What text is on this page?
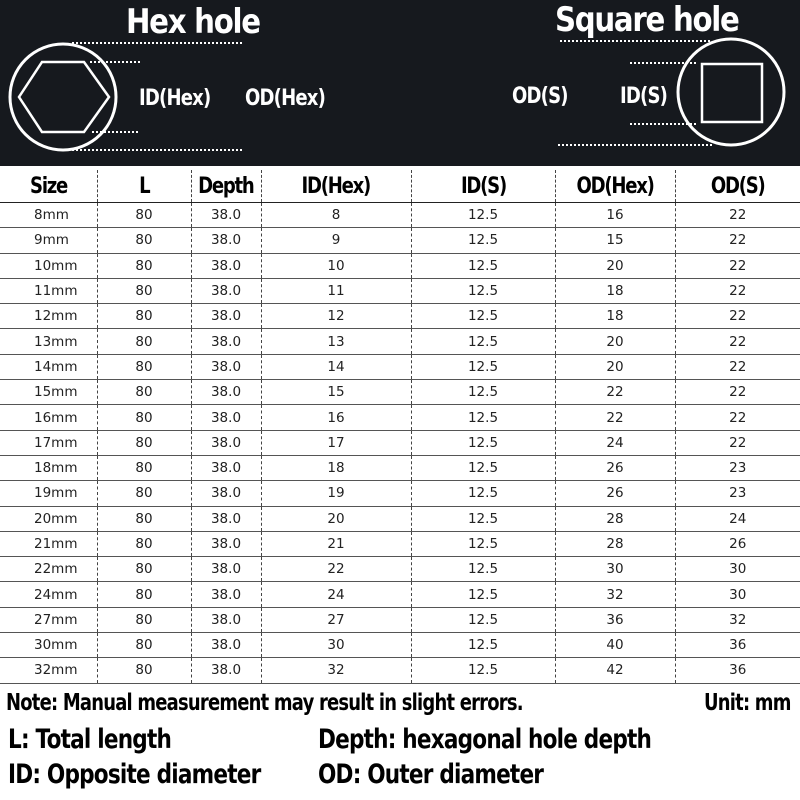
Hex hole	Square hole
ID(Hex) OD(Hex)	OD(S) ID(S)
Size	L	Depth	ID(Hex)	ID(S)	OD(Hex)	OD(S)
8mm	80	38.0	8	12.5	16	22
9mm	80	38.0	9	12.5	15	22
10mm	80	38.0	10	12.5	20	22
11mm	80	38.0	11	12.5	18	22
12mm	80	38.0	12	12.5	18	22
13mm	80	38.0	13	12.5	20	22
14mm	80	38.0	14	12.5	20	22
15mm	80	38.0	15	12.5	22	22
16mm	80	38.0	16	12.5	22	22
17mm	80	38.0	17	12.5	24	22
18mm	80	38.0	18	12.5	26	23
19mm	80	38.0	19	12.5	26	23
20mm	80	38.0	20	12.5	28	24
21mm	80	38.0	21	12.5	28	26
22mm	80	38.0	22	12.5	30	30
24mm	80	38.0	24	12.5	32	30
27mm	80	38.0	27	12.5	36	32
30mm	80	38.0	30	12.5	40	36
32mm	80	38.0	32	12.5	42	36
Note: Manual measurement may result in slight errors.	Unit: mm
L: Total length	Depth: hexagonal hole depth
ID: Opposite diameter OD: Outer diameter
